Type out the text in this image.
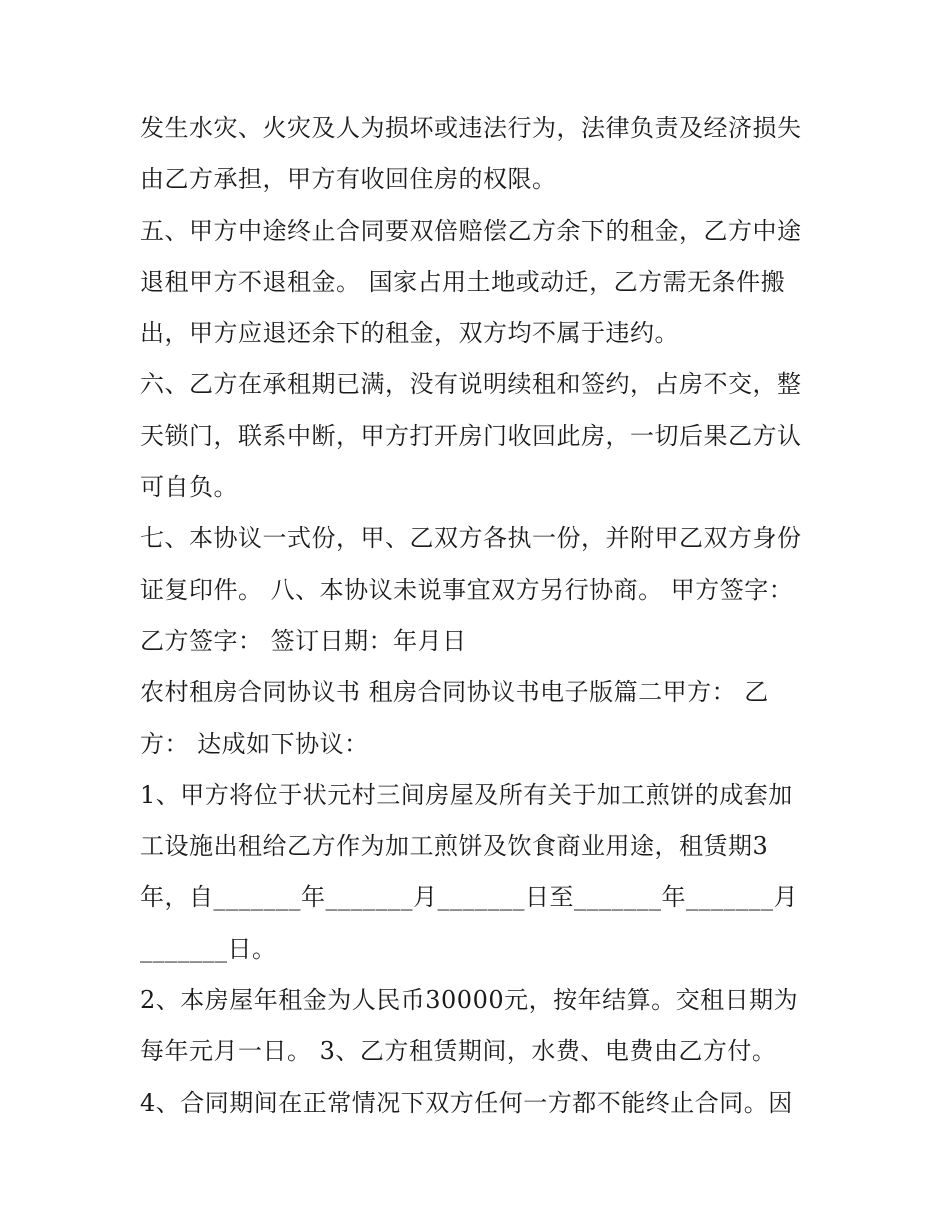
发生水灾、火灾及人为损坏或违法行为，法律负责及经济损失
由乙方承担，甲方有收回住房的权限。
五、甲方中途终止合同要双倍赔偿乙方余下的租金，乙方中途
退租甲方不退租金。 国家占用土地或动迁，乙方需无条件搬
出，甲方应退还余下的租金，双方均不属于违约。
六、乙方在承租期已满，没有说明续租和签约，占房不交，整
天锁门，联系中断，甲方打开房门收回此房，一切后果乙方认
可自负。
七、本协议一式份，甲、乙双方各执一份，并附甲乙双方身份
证复印件。 八、本协议未说事宜双方另行协商。 甲方签字：
乙方签字： 签订日期：年月日
农村租房合同协议书 租房合同协议书电子版篇二甲方： 乙
方： 达成如下协议：
1、甲方将位于状元村三间房屋及所有关于加工煎饼的成套加
工设施出租给乙方作为加工煎饼及饮食商业用途，租赁期3
年，自_______年_______月_______日至_______年_______月
_______日。
2、本房屋年租金为人民币30000元，按年结算。交租日期为
每年元月一日。 3、乙方租赁期间，水费、电费由乙方付。
4、合同期间在正常情况下双方任何一方都不能终止合同。因
